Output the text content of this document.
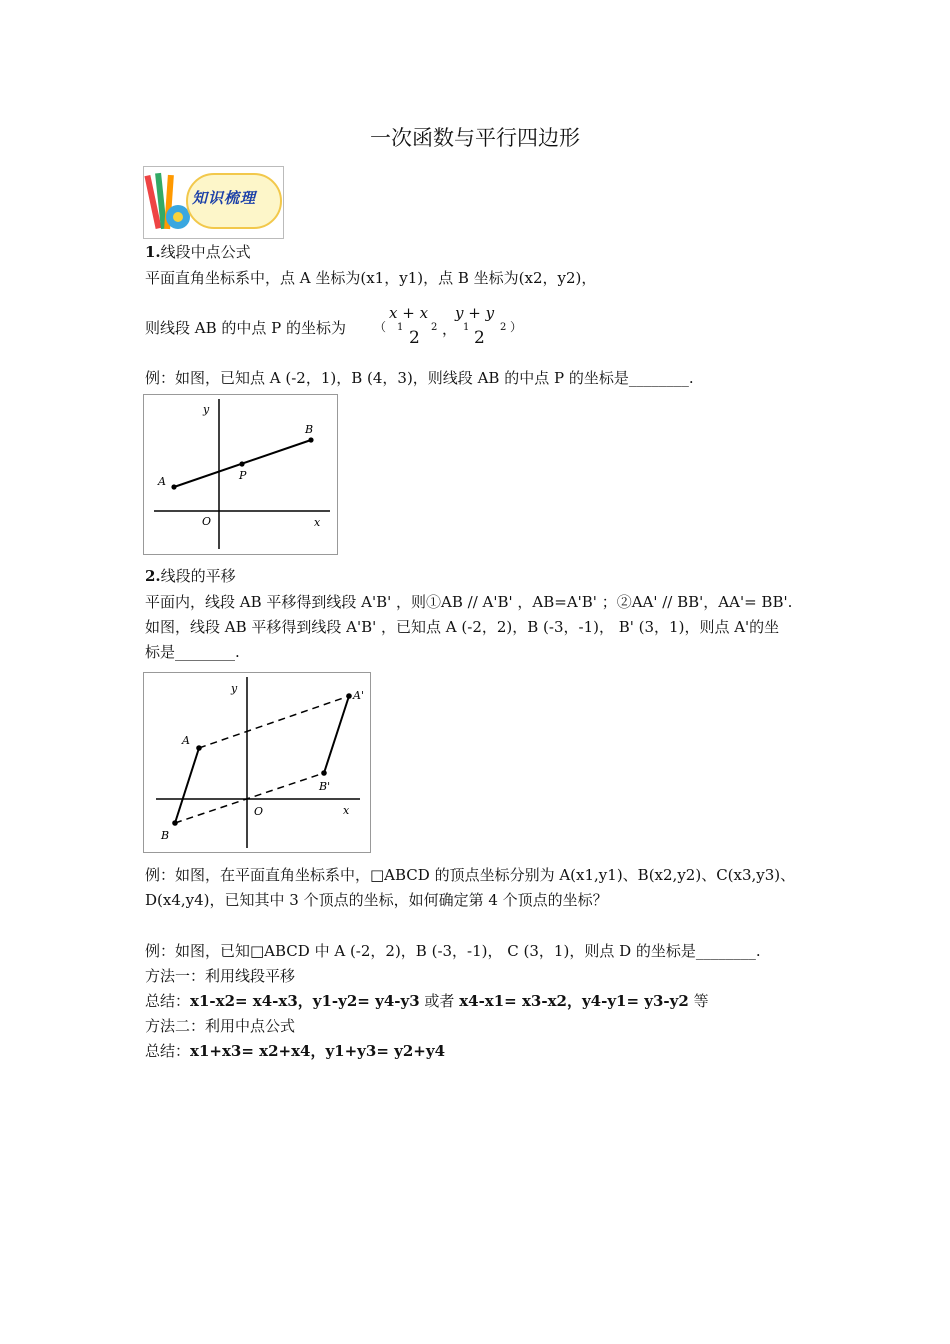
一次函数与平行四边形
知识梳理
1.线段中点公式
平面直角坐标系中，点 A 坐标为(x1，y1)，点 B 坐标为(x2，y2)，
则线段 AB 的中点 P 的坐标为 （
x + x
1	2
2 ，
y + y
1	2
2
）
例：如图，已知点 A (-2，1)，B (4，3)，则线段 AB 的中点 P 的坐标是________.
A
B
P
O	x
y
2.线段的平移
平面内，线段 AB 平移得到线段 A'B' ，则①AB // A'B' ，AB=A'B' ；②AA' // BB'，AA'= BB'.
如图，线段 AB 平移得到线段 A'B' ，已知点 A (-2，2)，B (-3，-1)， B' (3，1)，则点 A'的坐
标是________.
A
B
A'
B'
O	x
y
例：如图，在平面直角坐标系中，□ABCD 的顶点坐标分别为 A(x1,y1)、B(x2,y2)、C(x3,y3)、
D(x4,y4)，已知其中 3 个顶点的坐标，如何确定第 4 个顶点的坐标？
例：如图，已知□ABCD 中 A (-2，2)，B (-3，-1)， C (3，1)，则点 D 的坐标是________.
方法一：利用线段平移
总结：x1-x2= x4-x3，y1-y2= y4-y3 或者 x4-x1= x3-x2，y4-y1= y3-y2 等
方法二：利用中点公式
总结：x1+x3= x2+x4，y1+y3= y2+y4
